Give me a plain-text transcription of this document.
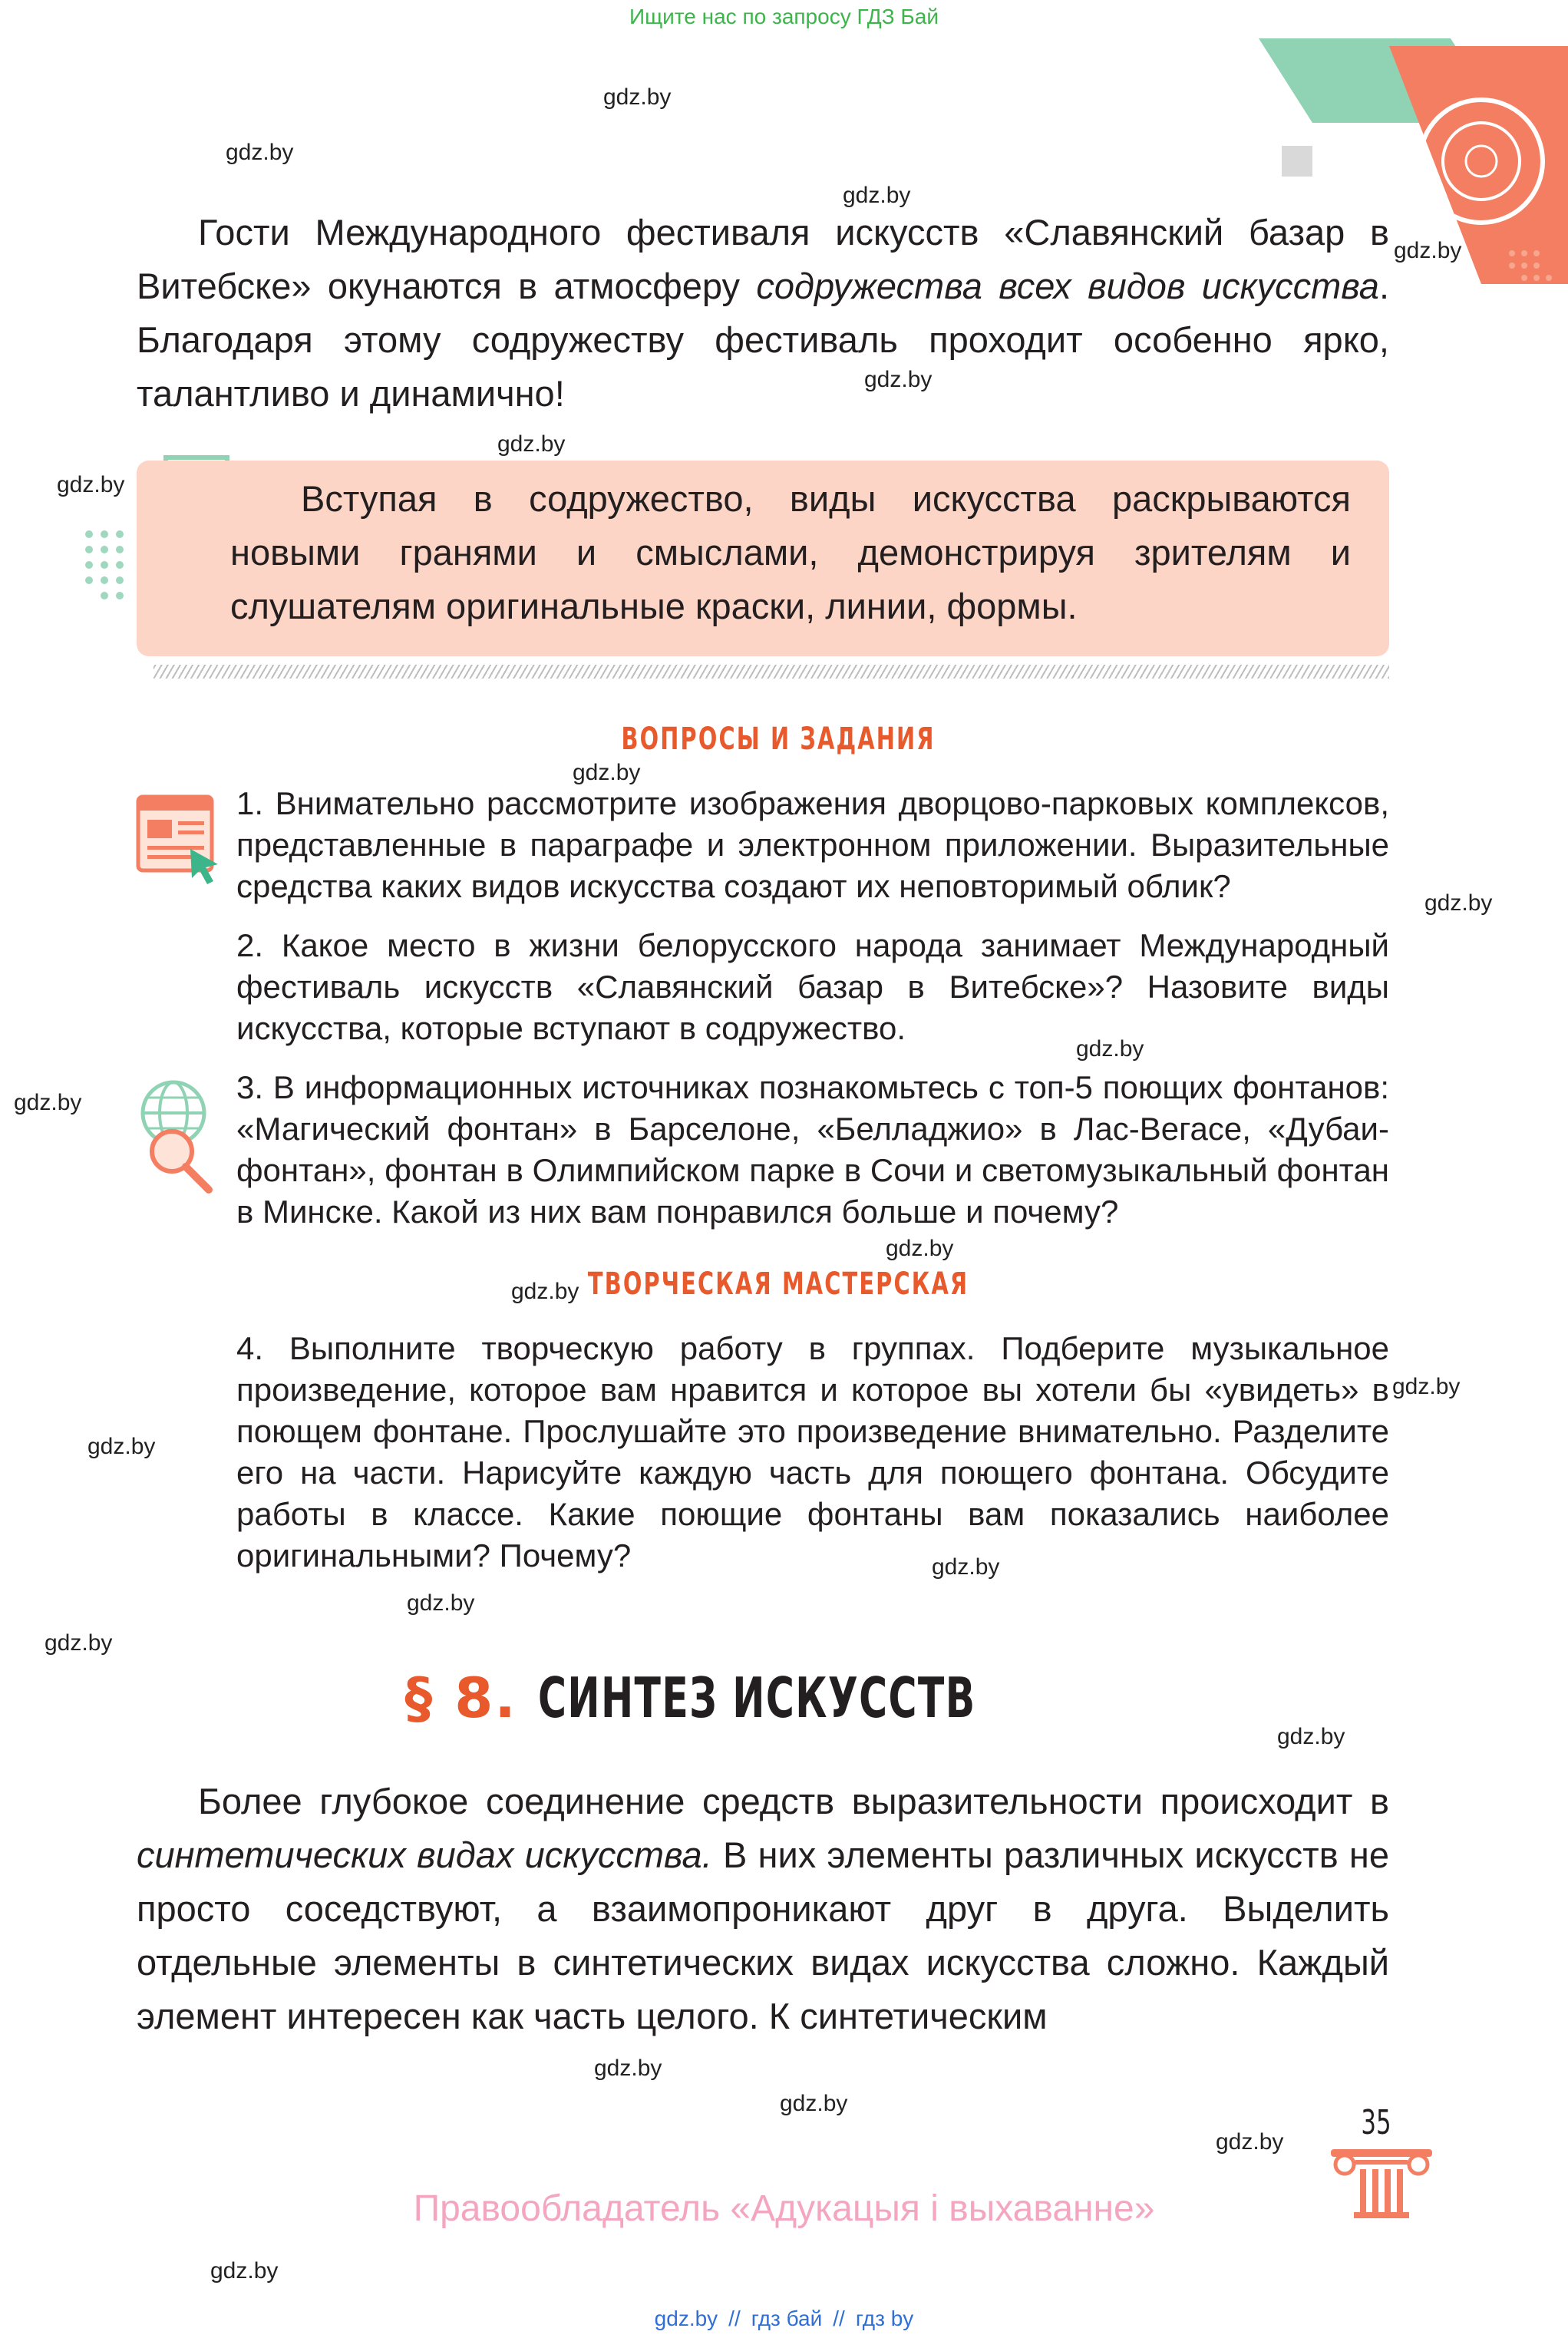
Ищите нас по запросу ГДЗ Бай
gdz.by
gdz.by
gdz.by
gdz.by
gdz.by
gdz.by
gdz.by
gdz.by
gdz.by
gdz.by
gdz.by
gdz.by
gdz.by
gdz.by
gdz.by
gdz.by
gdz.by
gdz.by
gdz.by
gdz.by
gdz.by
gdz.by
gdz.by

Гости Международного фестиваля искусств «Славянский базар в Витебске» окунаются в атмосферу содружества всех видов искусства. Благодаря этому содружеству фестиваль проходит особенно ярко, талантливо и динамично!

Вступая в содружество, виды искусства раскрываются новыми гранями и смыслами, демонстрируя зрителям и слушателям оригинальные краски, линии, формы.

ВОПРОСЫ И ЗАДАНИЯ

1. Внимательно рассмотрите изображения дворцово-парковых комплексов, представленные в параграфе и электронном приложении. Выразительные средства каких видов искусства создают их неповторимый облик?

2. Какое место в жизни белорусского народа занимает Международный фестиваль искусств «Славянский базар в Витебске»? Назовите виды искусства, которые вступают в содружество.

3. В информационных источниках познакомьтесь с топ-5 поющих фонтанов: «Магический фонтан» в Барселоне, «Белладжио» в Лас-Вегасе, «Дубаи-фонтан», фонтан в Олимпийском парке в Сочи и светомузыкальный фонтан в Минске. Какой из них вам понравился больше и почему?

ТВОРЧЕСКАЯ МАСТЕРСКАЯ

4. Выполните творческую работу в группах. Подберите музыкальное произведение, которое вам нравится и которое вы хотели бы «увидеть» в поющем фонтане. Прослушайте это произведение внимательно. Разделите его на части. Нарисуйте каждую часть для поющего фонтана. Обсудите работы в классе. Какие поющие фонтаны вам показались наиболее оригинальными? Почему?

§ 8. СИНТЕЗ ИСКУССТВ

Более глубокое соединение средств выразительности происходит в синтетических видах искусства. В них элементы различных искусств не просто соседствуют, а взаимопроникают друг в друга. Выделить отдельные элементы в синтетических видах искусства сложно. Каждый элемент интересен как часть целого. К синтетическим

35
Правообладатель «Адукацыя і выхаванне»
gdz.by // гдз бай // гдз by
